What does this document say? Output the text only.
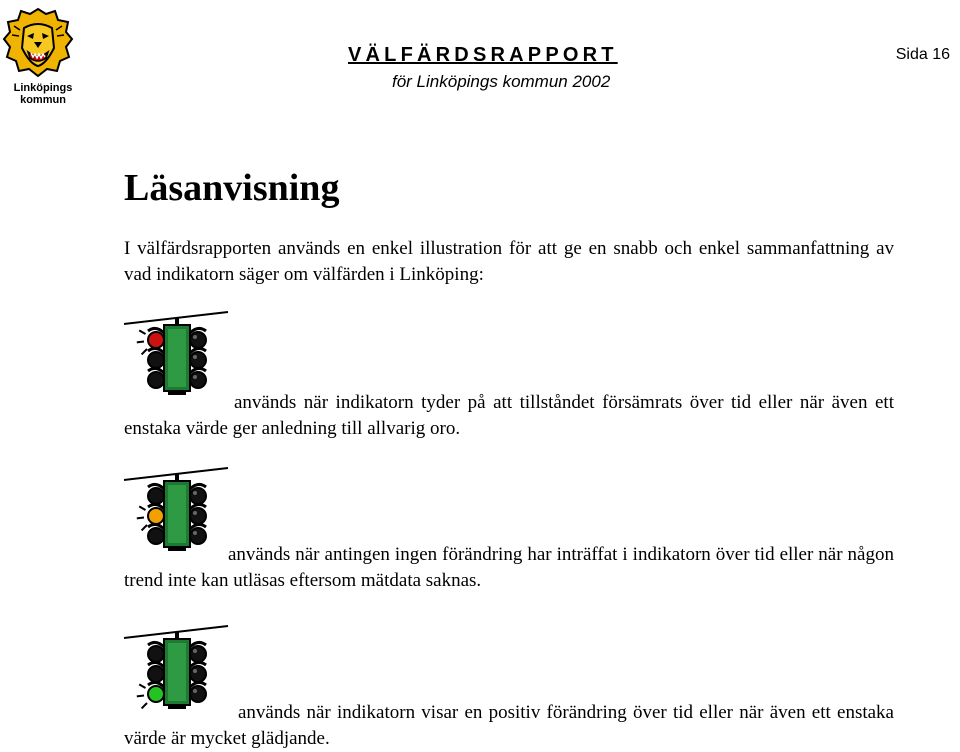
Linköpings
kommun
VÄLFÄRDSRAPPORT
för Linköpings kommun 2002
Sida 16
Läsanvisning

I välfärdsrapporten används en enkel illustration för att ge en snabb och enkel sammanfattning av vad indikatorn säger om välfärden i Linköping:

används när indikatorn tyder på att tillståndet försämrats över tid eller när även ett enstaka värde ger anledning till allvarig oro.

används när antingen ingen förändring har inträffat i indikatorn över tid eller när någon trend inte kan utläsas eftersom mätdata saknas.

används när indikatorn visar en positiv förändring över tid eller när även ett enstaka värde är mycket glädjande.
